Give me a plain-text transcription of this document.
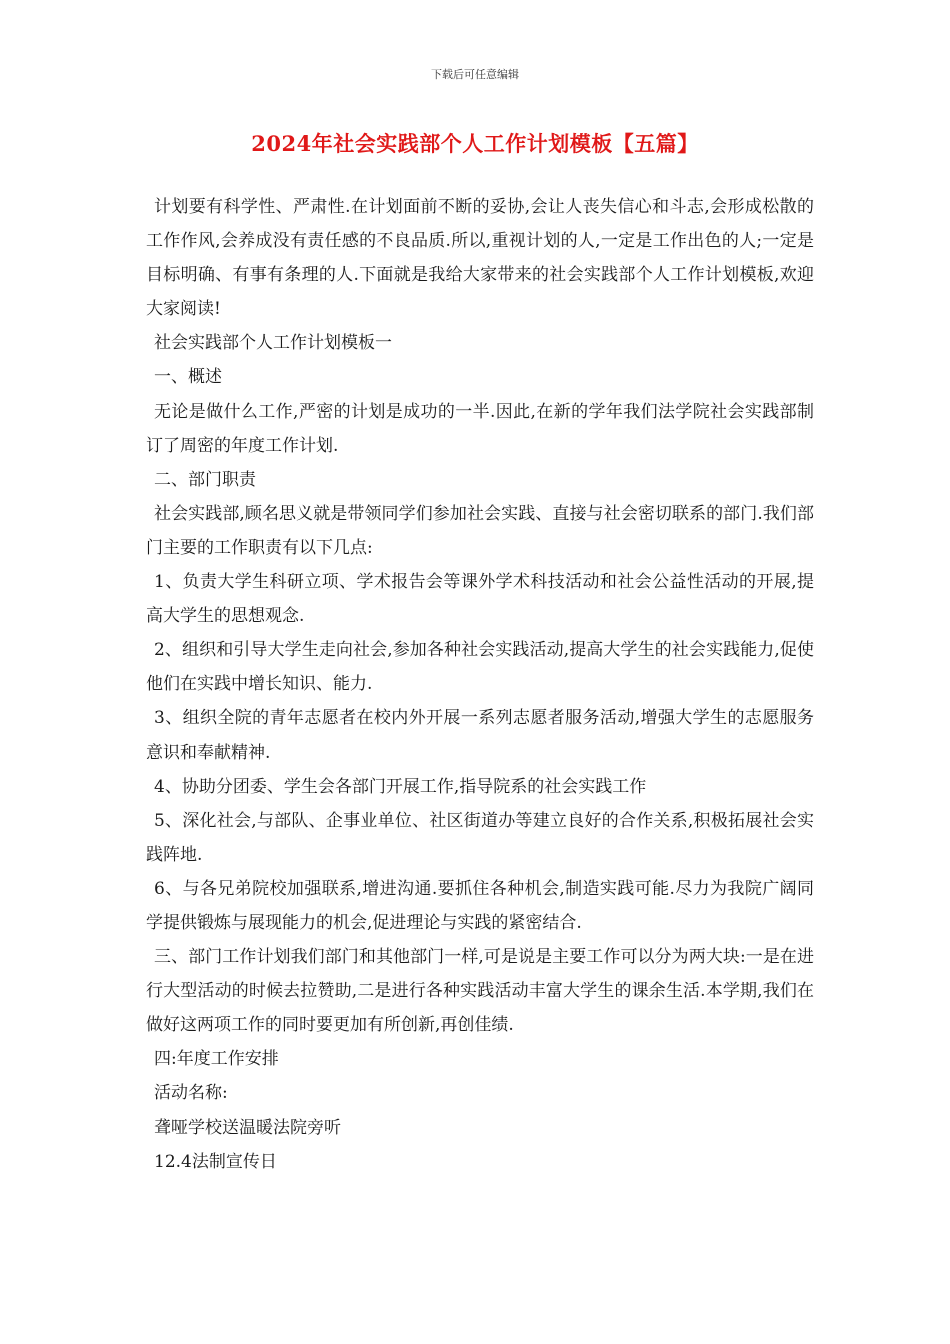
下载后可任意编辑
2024年社会实践部个人工作计划模板【五篇】

计划要有科学性、严肃性.在计划面前不断的妥协,会让人丧失信心和斗志,会形成松散的工作作风,会养成没有责任感的不良品质.所以,重视计划的人,一定是工作出色的人;一定是目标明确、有事有条理的人.下面就是我给大家带来的社会实践部个人工作计划模板,欢迎大家阅读!

社会实践部个人工作计划模板一

一、概述

无论是做什么工作,严密的计划是成功的一半.因此,在新的学年我们法学院社会实践部制订了周密的年度工作计划.

二、部门职责

社会实践部,顾名思义就是带领同学们参加社会实践、直接与社会密切联系的部门.我们部门主要的工作职责有以下几点:

1、负责大学生科研立项、学术报告会等课外学术科技活动和社会公益性活动的开展,提高大学生的思想观念.

2、组织和引导大学生走向社会,参加各种社会实践活动,提高大学生的社会实践能力,促使他们在实践中增长知识、能力.

3、组织全院的青年志愿者在校内外开展一系列志愿者服务活动,增强大学生的志愿服务意识和奉献精神.

4、协助分团委、学生会各部门开展工作,指导院系的社会实践工作

5、深化社会,与部队、企事业单位、社区街道办等建立良好的合作关系,积极拓展社会实践阵地.

6、与各兄弟院校加强联系,增进沟通.要抓住各种机会,制造实践可能.尽力为我院广阔同学提供锻炼与展现能力的机会,促进理论与实践的紧密结合.

三、部门工作计划我们部门和其他部门一样,可是说是主要工作可以分为两大块:一是在进行大型活动的时候去拉赞助,二是进行各种实践活动丰富大学生的课余生活.本学期,我们在做好这两项工作的同时要更加有所创新,再创佳绩.

四:年度工作安排

活动名称:

聋哑学校送温暖法院旁听

12.4法制宣传日
